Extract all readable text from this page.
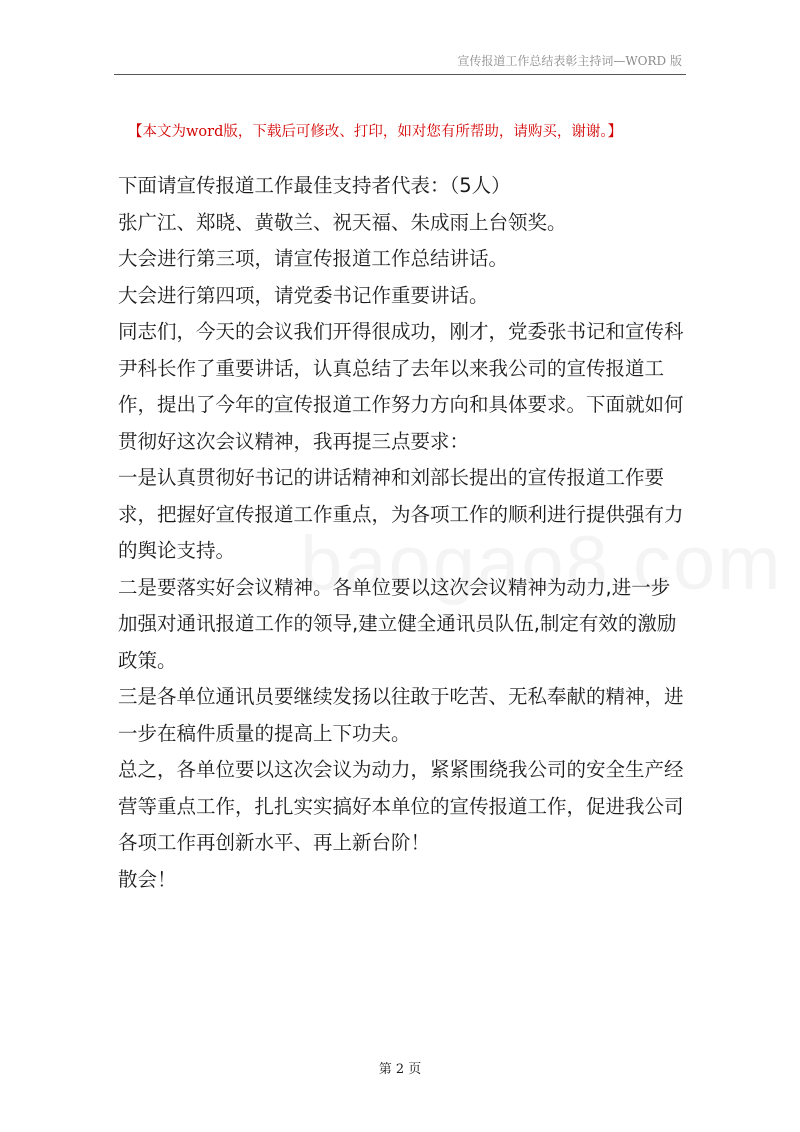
宣传报道工作总结表彰主持词—WORD 版
【本文为word版，下载后可修改、打印，如对您有所帮助，请购买，谢谢。】

下面请宣传报道工作最佳支持者代表：（5人）

张广江、郑晓、黄敬兰、祝天福、朱成雨上台领奖。

大会进行第三项，请宣传报道工作总结讲话。

大会进行第四项，请党委书记作重要讲话。

同志们，今天的会议我们开得很成功，刚才，党委张书记和宣传科尹科长作了重要讲话，认真总结了去年以来我公司的宣传报道工作，提出了今年的宣传报道工作努力方向和具体要求。下面就如何贯彻好这次会议精神，我再提三点要求：

一是认真贯彻好书记的讲话精神和刘部长提出的宣传报道工作要求，把握好宣传报道工作重点，为各项工作的顺利进行提供强有力的舆论支持。

二是要落实好会议精神。各单位要以这次会议精神为动力,进一步加强对通讯报道工作的领导,建立健全通讯员队伍,制定有效的激励政策。

三是各单位通讯员要继续发扬以往敢于吃苦、无私奉献的精神，进一步在稿件质量的提高上下功夫。

总之，各单位要以这次会议为动力，紧紧围绕我公司的安全生产经营等重点工作，扎扎实实搞好本单位的宣传报道工作，促进我公司各项工作再创新水平、再上新台阶！

散会！

第 2 页
